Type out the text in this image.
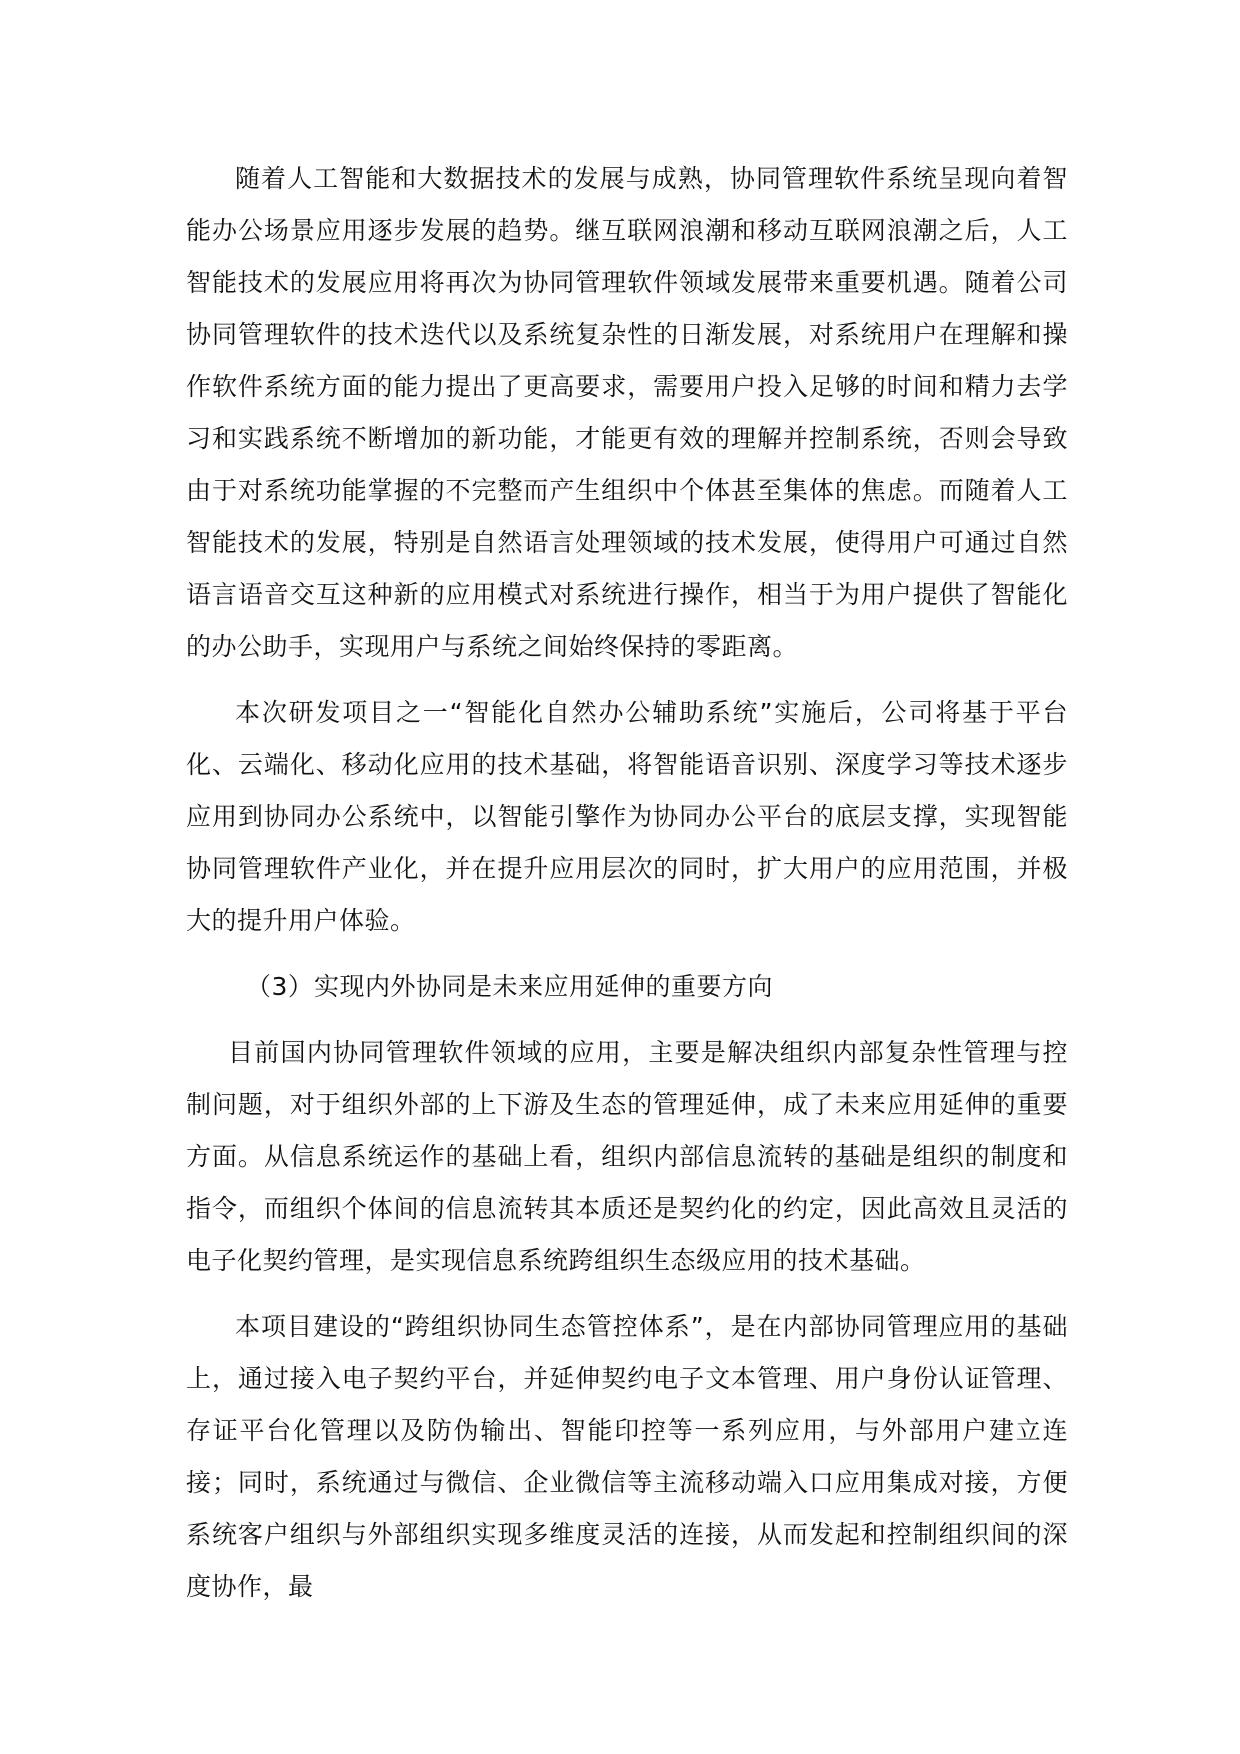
随着人工智能和大数据技术的发展与成熟，协同管理软件系统呈现向着智能办公场景应用逐步发展的趋势。继互联网浪潮和移动互联网浪潮之后，人工智能技术的发展应用将再次为协同管理软件领域发展带来重要机遇。随着公司协同管理软件的技术迭代以及系统复杂性的日渐发展，对系统用户在理解和操作软件系统方面的能力提出了更高要求，需要用户投入足够的时间和精力去学习和实践系统不断增加的新功能，才能更有效的理解并控制系统，否则会导致由于对系统功能掌握的不完整而产生组织中个体甚至集体的焦虑。而随着人工智能技术的发展，特别是自然语言处理领域的技术发展，使得用户可通过自然语言语音交互这种新的应用模式对系统进行操作，相当于为用户提供了智能化的办公助手，实现用户与系统之间始终保持的零距离。

本次研发项目之一“智能化自然办公辅助系统”实施后，公司将基于平台化、云端化、移动化应用的技术基础，将智能语音识别、深度学习等技术逐步应用到协同办公系统中，以智能引擎作为协同办公平台的底层支撑，实现智能协同管理软件产业化，并在提升应用层次的同时，扩大用户的应用范围，并极大的提升用户体验。

（3）实现内外协同是未来应用延伸的重要方向

目前国内协同管理软件领域的应用，主要是解决组织内部复杂性管理与控制问题，对于组织外部的上下游及生态的管理延伸，成了未来应用延伸的重要方面。从信息系统运作的基础上看，组织内部信息流转的基础是组织的制度和指令，而组织个体间的信息流转其本质还是契约化的约定，因此高效且灵活的电子化契约管理，是实现信息系统跨组织生态级应用的技术基础。

本项目建设的“跨组织协同生态管控体系”，是在内部协同管理应用的基础上，通过接入电子契约平台，并延伸契约电子文本管理、用户身份认证管理、存证平台化管理以及防伪输出、智能印控等一系列应用，与外部用户建立连接；同时，系统通过与微信、企业微信等主流移动端入口应用集成对接，方便系统客户组织与外部组织实现多维度灵活的连接，从而发起和控制组织间的深度协作，最
